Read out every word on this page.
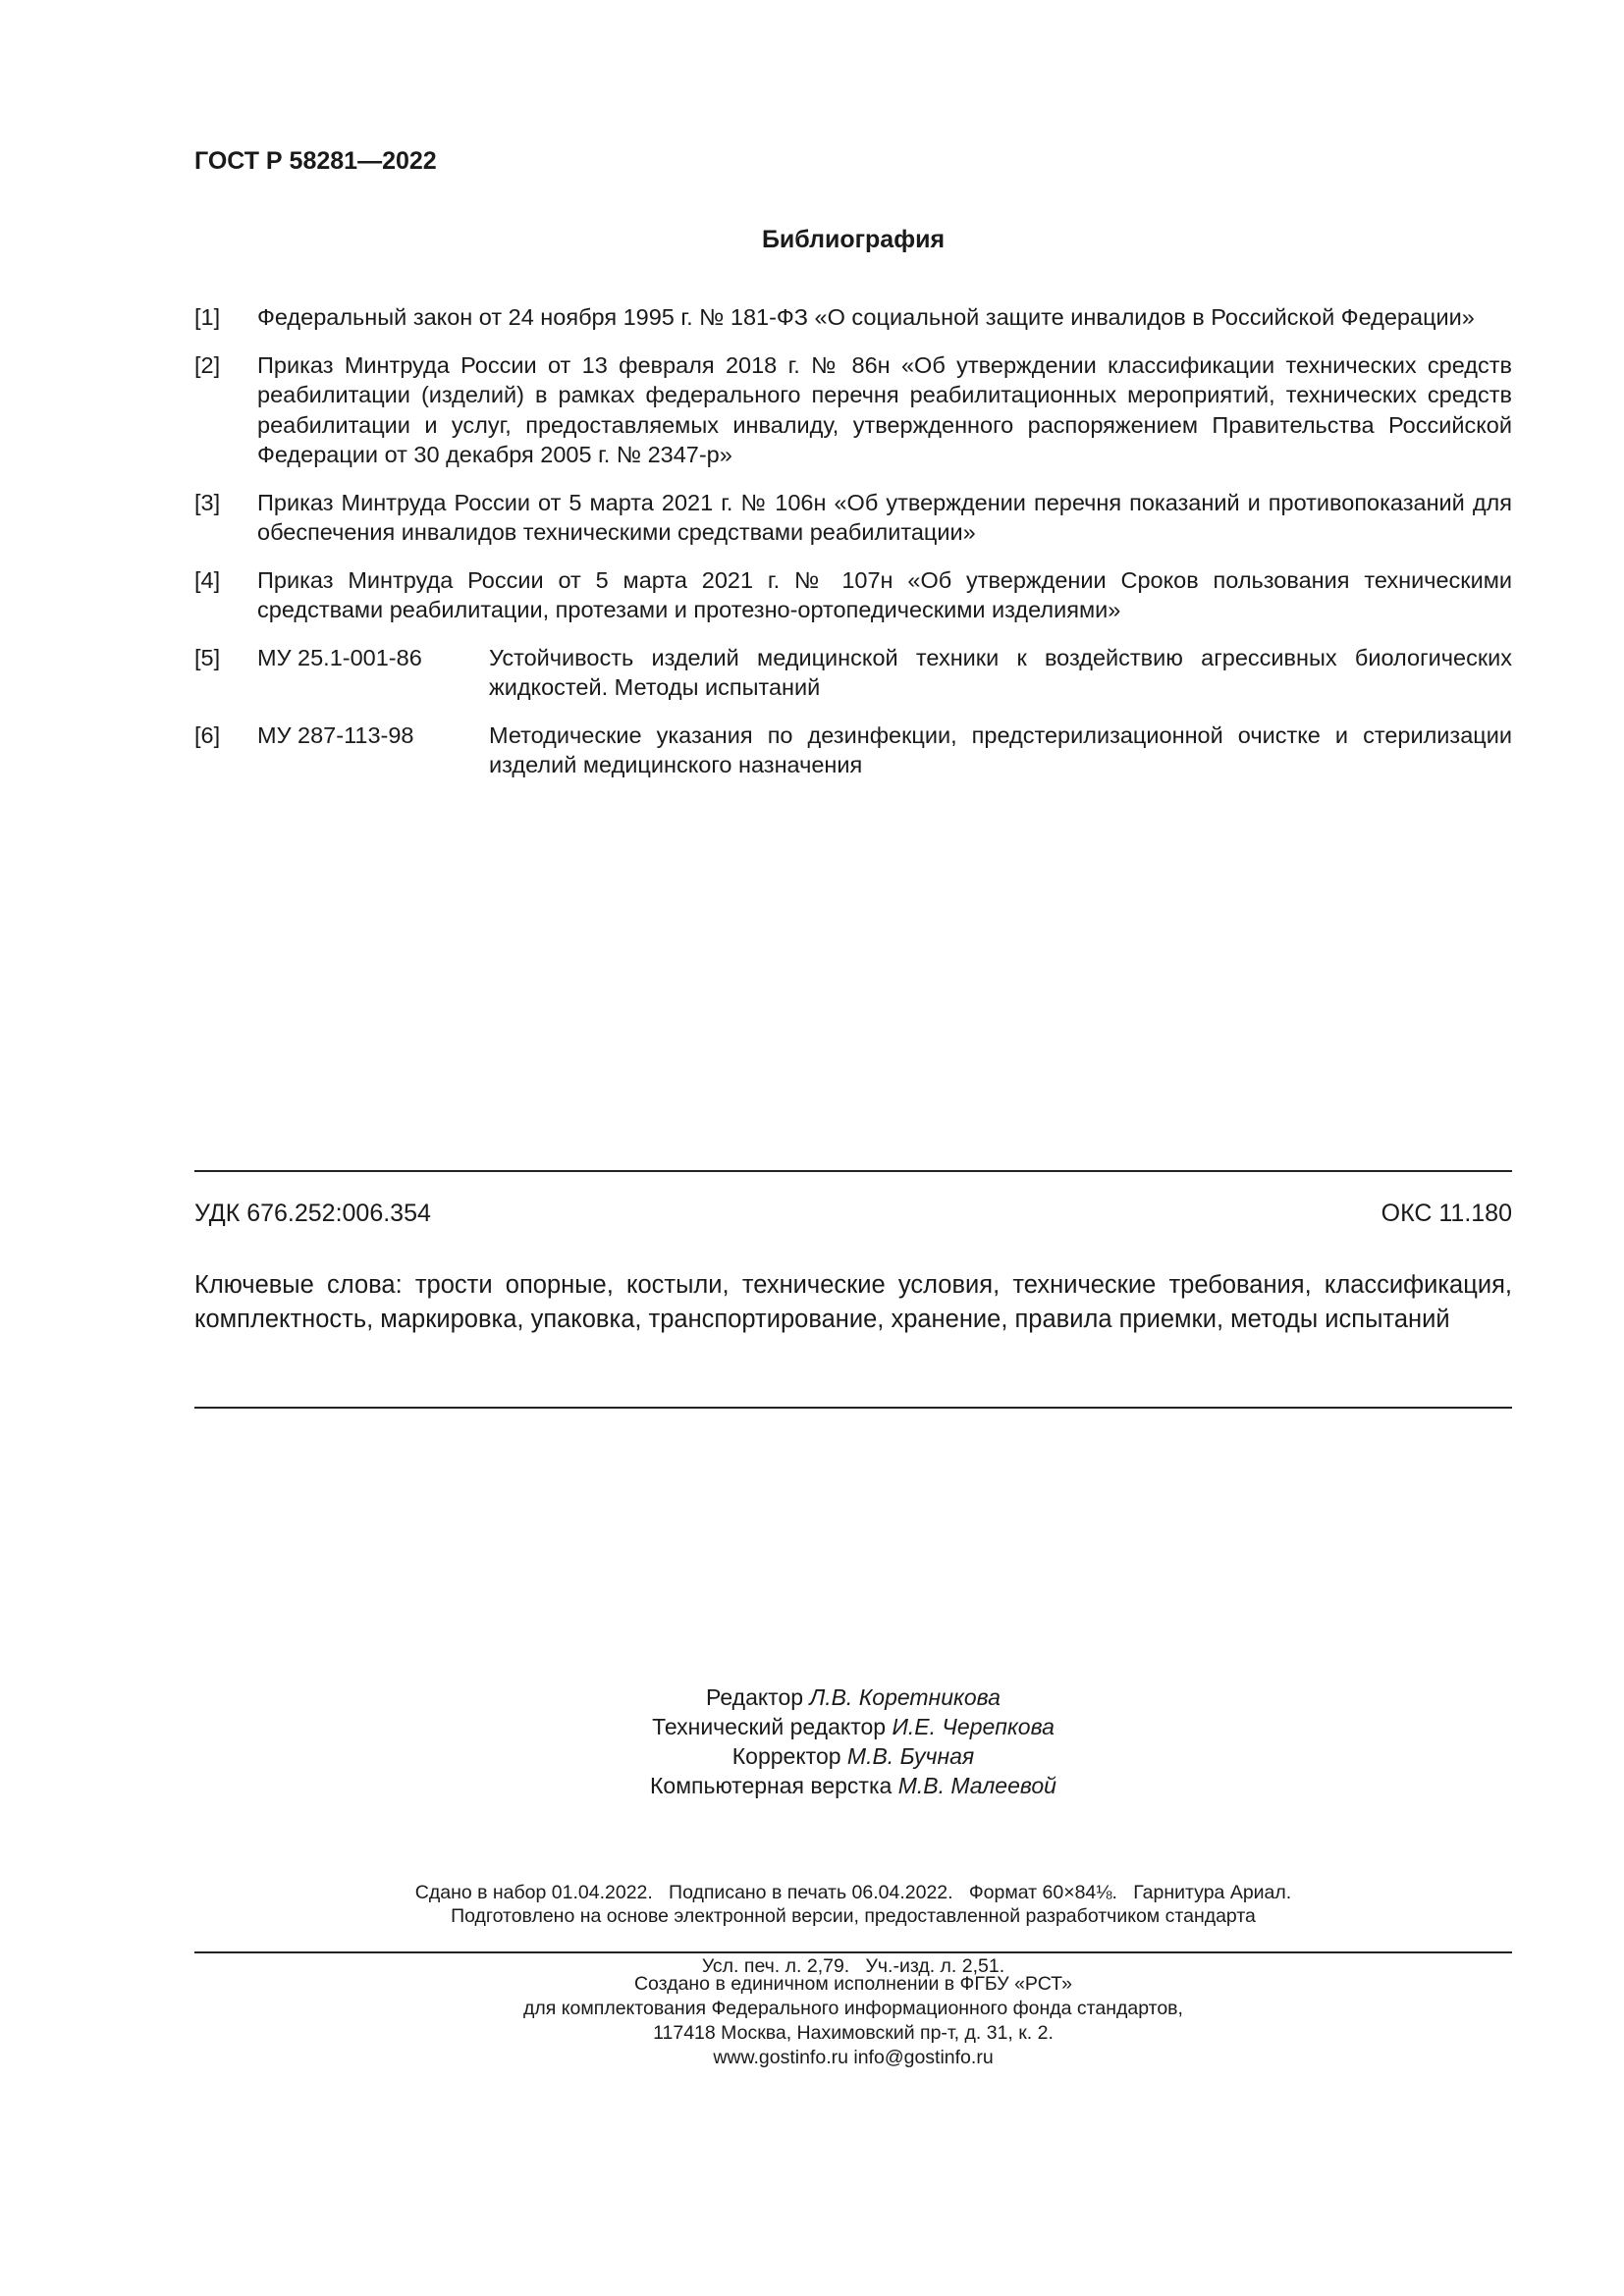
ГОСТ Р 58281—2022
Библиография
[1]	Федеральный закон от 24 ноября 1995 г. № 181-ФЗ «О социальной защите инвалидов в Российской Федерации»
[2]	Приказ Минтруда России от 13 февраля 2018 г. № 86н «Об утверждении классификации технических средств реабилитации (изделий) в рамках федерального перечня реабилитационных мероприятий, технических средств реабилитации и услуг, предоставляемых инвалиду, утвержденного распоряжением Правительства Российской Федерации от 30 декабря 2005 г. № 2347-р»
[3]	Приказ Минтруда России от 5 марта 2021 г. № 106н «Об утверждении перечня показаний и противопоказаний для обеспечения инвалидов техническими средствами реабилитации»
[4]	Приказ Минтруда России от 5 марта 2021 г. № 107н «Об утверждении Сроков пользования техническими средствами реабилитации, протезами и протезно-ортопедическими изделиями»
[5]	МУ 25.1-001-86	Устойчивость изделий медицинской техники к воздействию агрессивных биологических жидкостей. Методы испытаний
[6]	МУ 287-113-98	Методические указания по дезинфекции, предстерилизационной очистке и стерилизации изделий медицинского назначения
УДК 676.252:006.354	ОКС 11.180
Ключевые слова: трости опорные, костыли, технические условия, технические требования, классификация, комплектность, маркировка, упаковка, транспортирование, хранение, правила приемки, методы испытаний
Редактор Л.В. Коретникова
Технический редактор И.Е. Черепкова
Корректор М.В. Бучная
Компьютерная верстка М.В. Малеевой

Сдано в набор 01.04.2022.   Подписано в печать 06.04.2022.   Формат 60×84⅛.   Гарнитура Ариал.

Усл. печ. л. 2,79.   Уч.-изд. л. 2,51.

Подготовлено на основе электронной версии, предоставленной разработчиком стандарта
Создано в единичном исполнении в ФГБУ «РСТ»
для комплектования Федерального информационного фонда стандартов,
117418 Москва, Нахимовский пр-т, д. 31, к. 2.
www.gostinfo.ru info@gostinfo.ru
